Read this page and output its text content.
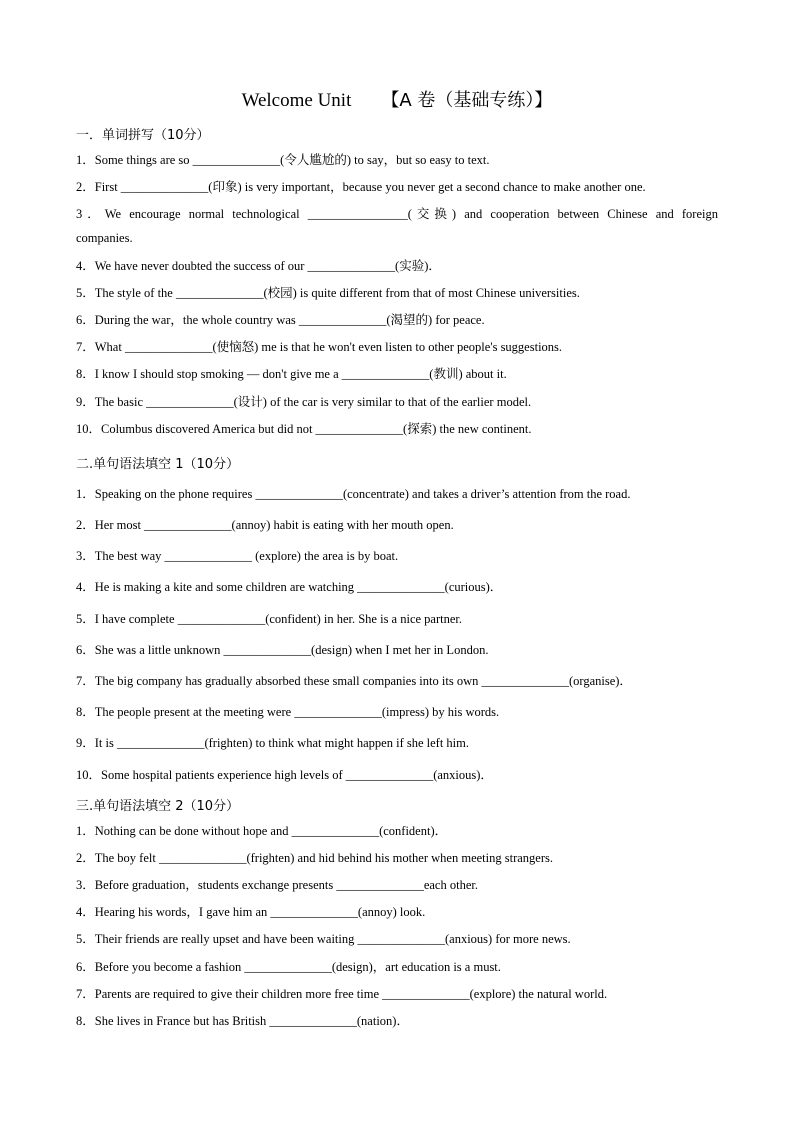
Welcome Unit 【A 卷（基础专练）】
一．单词拼写（10分）
1．Some things are so ______________(令人尴尬的) to say，but so easy to text.
2．First ______________(印象) is very important，because you never get a second chance to make another one.
3．We encourage normal technological ________________(交换) and cooperation between Chinese and foreign
companies.
4．We have never doubted the success of our ______________(实验)．
5．The style of the ______________(校园) is quite different from that of most Chinese universities.
6．During the war，the whole country was ______________(渴望的) for peace.
7．What ______________(使恼怒) me is that he won't even listen to other people's suggestions.
8．I know I should stop smoking — don't give me a ______________(教训) about it.
9．The basic ______________(设计) of the car is very similar to that of the earlier model.
10．Columbus discovered America but did not ______________(探索) the new continent.
二.单句语法填空 1（10分）
1．Speaking on the phone requires ______________(concentrate) and takes a driver’s attention from the road.
2．Her most ______________(annoy) habit is eating with her mouth open.
3．The best way ______________ (explore) the area is by boat.
4．He is making a kite and some children are watching ______________(curious)．
5．I have complete ______________(confident) in her. She is a nice partner.
6．She was a little unknown ______________(design) when I met her in London.
7．The big company has gradually absorbed these small companies into its own ______________(organise)．
8．The people present at the meeting were ______________(impress) by his words.
9．It is ______________(frighten) to think what might happen if she left him.
10．Some hospital patients experience high levels of ______________(anxious)．
三.单句语法填空 2（10分）
1．Nothing can be done without hope and ______________(confident)．
2．The boy felt ______________(frighten) and hid behind his mother when meeting strangers.
3．Before graduation，students exchange presents ______________each other.
4．Hearing his words，I gave him an ______________(annoy) look.
5．Their friends are really upset and have been waiting ______________(anxious) for more news.
6．Before you become a fashion ______________(design)，art education is a must.
7．Parents are required to give their children more free time ______________(explore) the natural world.
8．She lives in France but has British ______________(nation)．
